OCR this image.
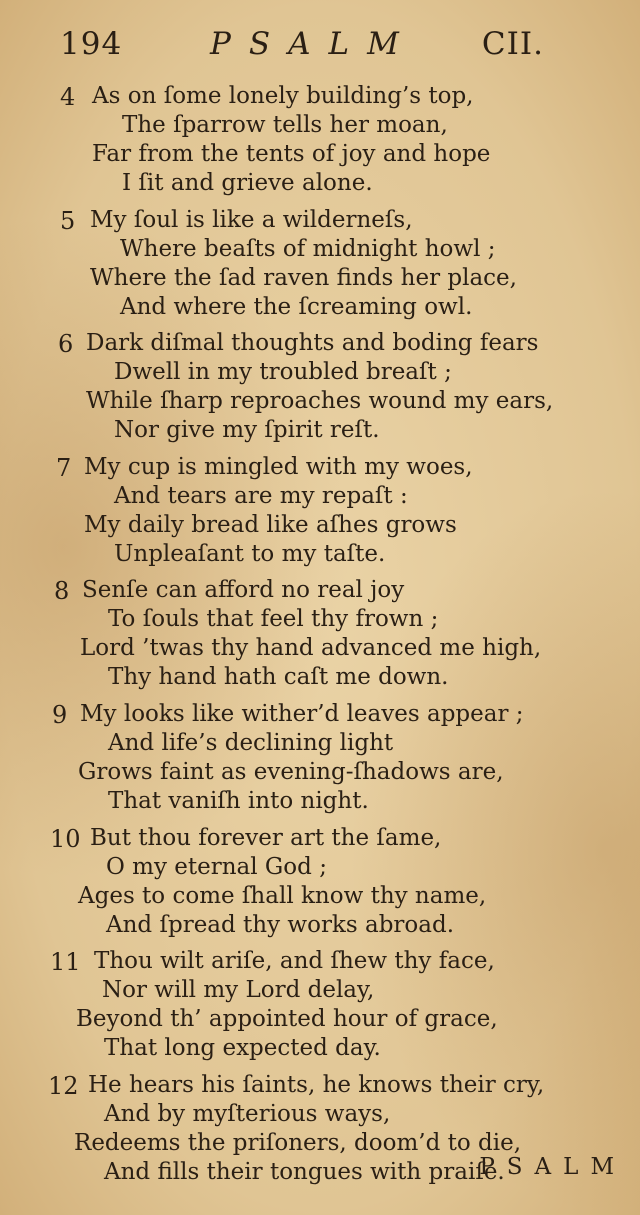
194	PSALM CII.
4 As on ſome lonely building’s top,
The ſparrow tells her moan,
Far from the tents of joy and hope
I ſit and grieve alone.
5 My ſoul is like a wilderneſs,
Where beaſts of midnight howl ;
Where the ſad raven finds her place,
And where the ſcreaming owl.
6 Dark diſmal thoughts and boding fears
Dwell in my troubled breaſt ;
While ſharp reproaches wound my ears,
Nor give my ſpirit reſt.
7 My cup is mingled with my woes,
And tears are my repaſt :
My daily bread like aſhes grows
Unpleaſant to my taſte.
8 Senſe can afford no real joy
To ſouls that feel thy frown ;
Lord ’twas thy hand advanced me high,
Thy hand hath caſt me down.
9 My looks like wither’d leaves appear ;
And life’s declining light
Grows faint as evening-ſhadows are,
That vaniſh into night.
10 But thou forever art the ſame,
O my eternal God ;
Ages to come ſhall know thy name,
And ſpread thy works abroad.
11 Thou wilt ariſe, and ſhew thy face,
Nor will my Lord delay,
Beyond th’ appointed hour of grace,
That long expected day.
12 He hears his ſaints, he knows their cry,
And by myſterious ways,
Redeems the priſoners, doom’d to die,
And fills their tongues with praiſe.
PSALM
